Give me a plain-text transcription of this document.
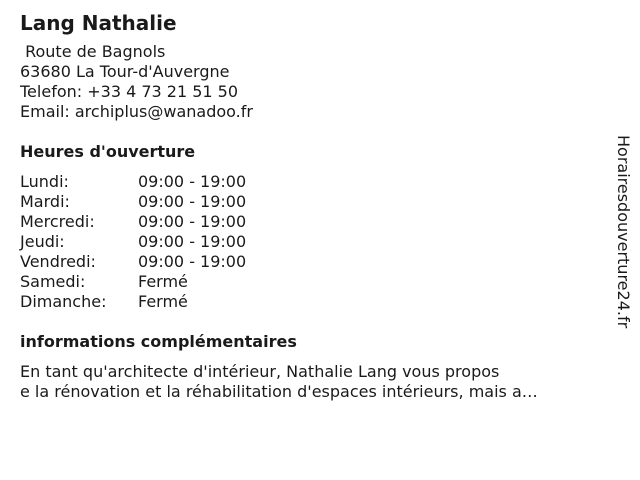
Lang Nathalie
Route de Bagnols
63680 La Tour-d'Auvergne
Telefon: +33 4 73 21 51 50
Email: archiplus@wanadoo.fr
Heures d'ouverture
Lundi:	09:00 - 19:00
Mardi:	09:00 - 19:00
Mercredi:	09:00 - 19:00
Jeudi:	09:00 - 19:00
Vendredi:	09:00 - 19:00
Samedi:	Fermé
Dimanche:	Fermé
informations complémentaires
En tant qu'architecte d'intérieur, Nathalie Lang vous propos
e la rénovation et la réhabilitation d'espaces intérieurs, mais a…
Horairesdouverture24.fr
